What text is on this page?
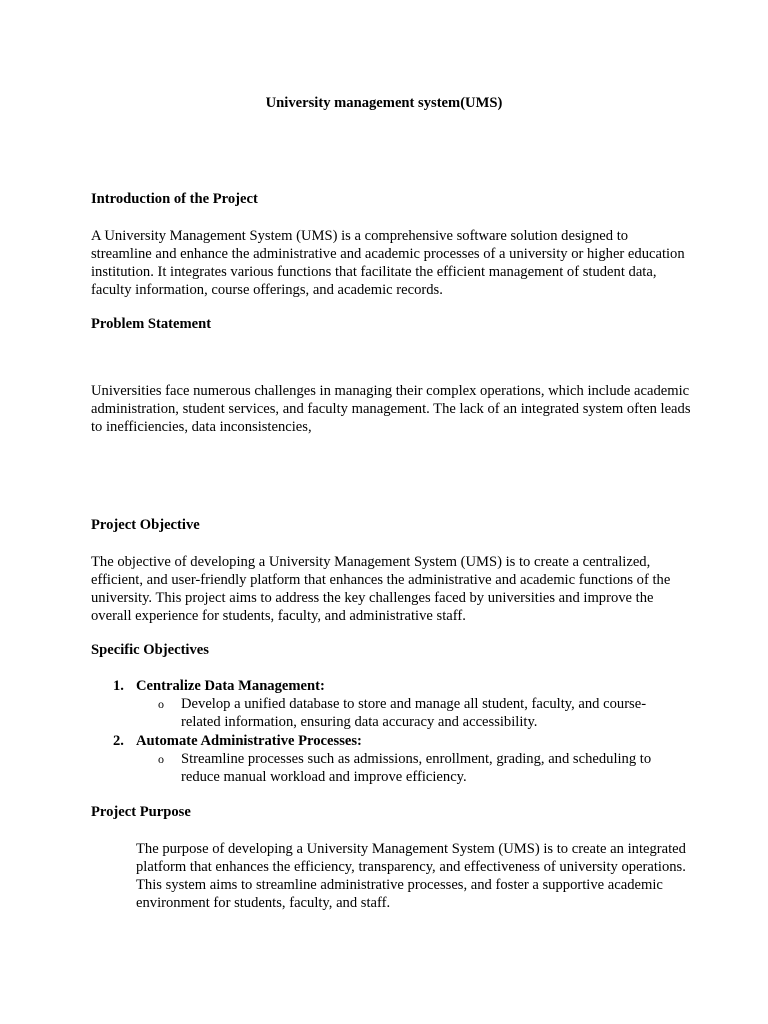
University management system(UMS)
Introduction of the Project

A University Management System (UMS) is a comprehensive software solution designed to streamline and enhance the administrative and academic processes of a university or higher education institution. It integrates various functions that facilitate the efficient management of student data, faculty information, course offerings, and academic records.

Problem Statement

Universities face numerous challenges in managing their complex operations, which include academic administration, student services, and faculty management. The lack of an integrated system often leads to inefficiencies, data inconsistencies,

Project Objective

The objective of developing a University Management System (UMS) is to create a centralized, efficient, and user-friendly platform that enhances the administrative and academic functions of the university. This project aims to address the key challenges faced by universities and improve the overall experience for students, faculty, and administrative staff.

Specific Objectives
1. Centralize Data Management:
o Develop a unified database to store and manage all student, faculty, and course-related information, ensuring data accuracy and accessibility.
2. Automate Administrative Processes:
o Streamline processes such as admissions, enrollment, grading, and scheduling to reduce manual workload and improve efficiency.
Project Purpose

The purpose of developing a University Management System (UMS) is to create an integrated platform that enhances the efficiency, transparency, and effectiveness of university operations. This system aims to streamline administrative processes, and foster a supportive academic environment for students, faculty, and staff.
